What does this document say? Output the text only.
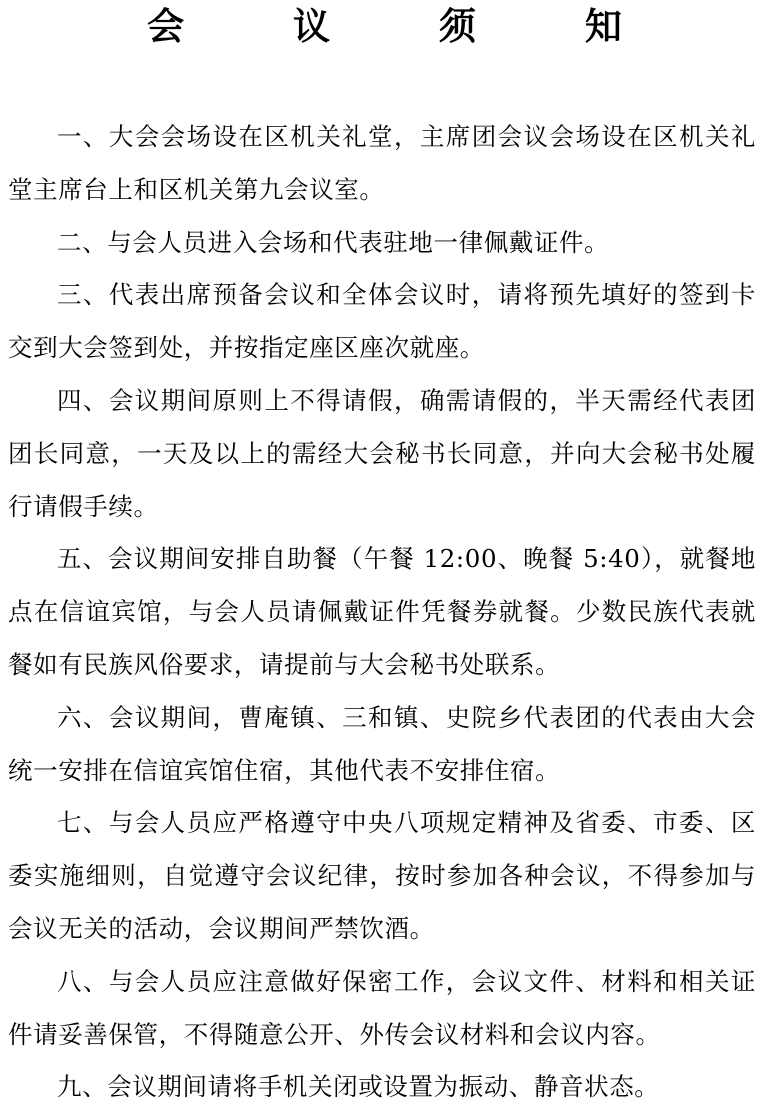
会 议 须 知

一、大会会场设在区机关礼堂，主席团会议会场设在区机关礼堂主席台上和区机关第九会议室。

二、与会人员进入会场和代表驻地一律佩戴证件。

三、代表出席预备会议和全体会议时，请将预先填好的签到卡交到大会签到处，并按指定座区座次就座。

四、会议期间原则上不得请假，确需请假的，半天需经代表团团长同意，一天及以上的需经大会秘书长同意，并向大会秘书处履行请假手续。

五、会议期间安排自助餐（午餐 12:00、晚餐 5:40），就餐地点在信谊宾馆，与会人员请佩戴证件凭餐券就餐。少数民族代表就餐如有民族风俗要求，请提前与大会秘书处联系。

六、会议期间，曹庵镇、三和镇、史院乡代表团的代表由大会统一安排在信谊宾馆住宿，其他代表不安排住宿。

七、与会人员应严格遵守中央八项规定精神及省委、市委、区委实施细则，自觉遵守会议纪律，按时参加各种会议，不得参加与会议无关的活动，会议期间严禁饮酒。

八、与会人员应注意做好保密工作，会议文件、材料和相关证件请妥善保管，不得随意公开、外传会议材料和会议内容。

九、会议期间请将手机关闭或设置为振动、静音状态。
